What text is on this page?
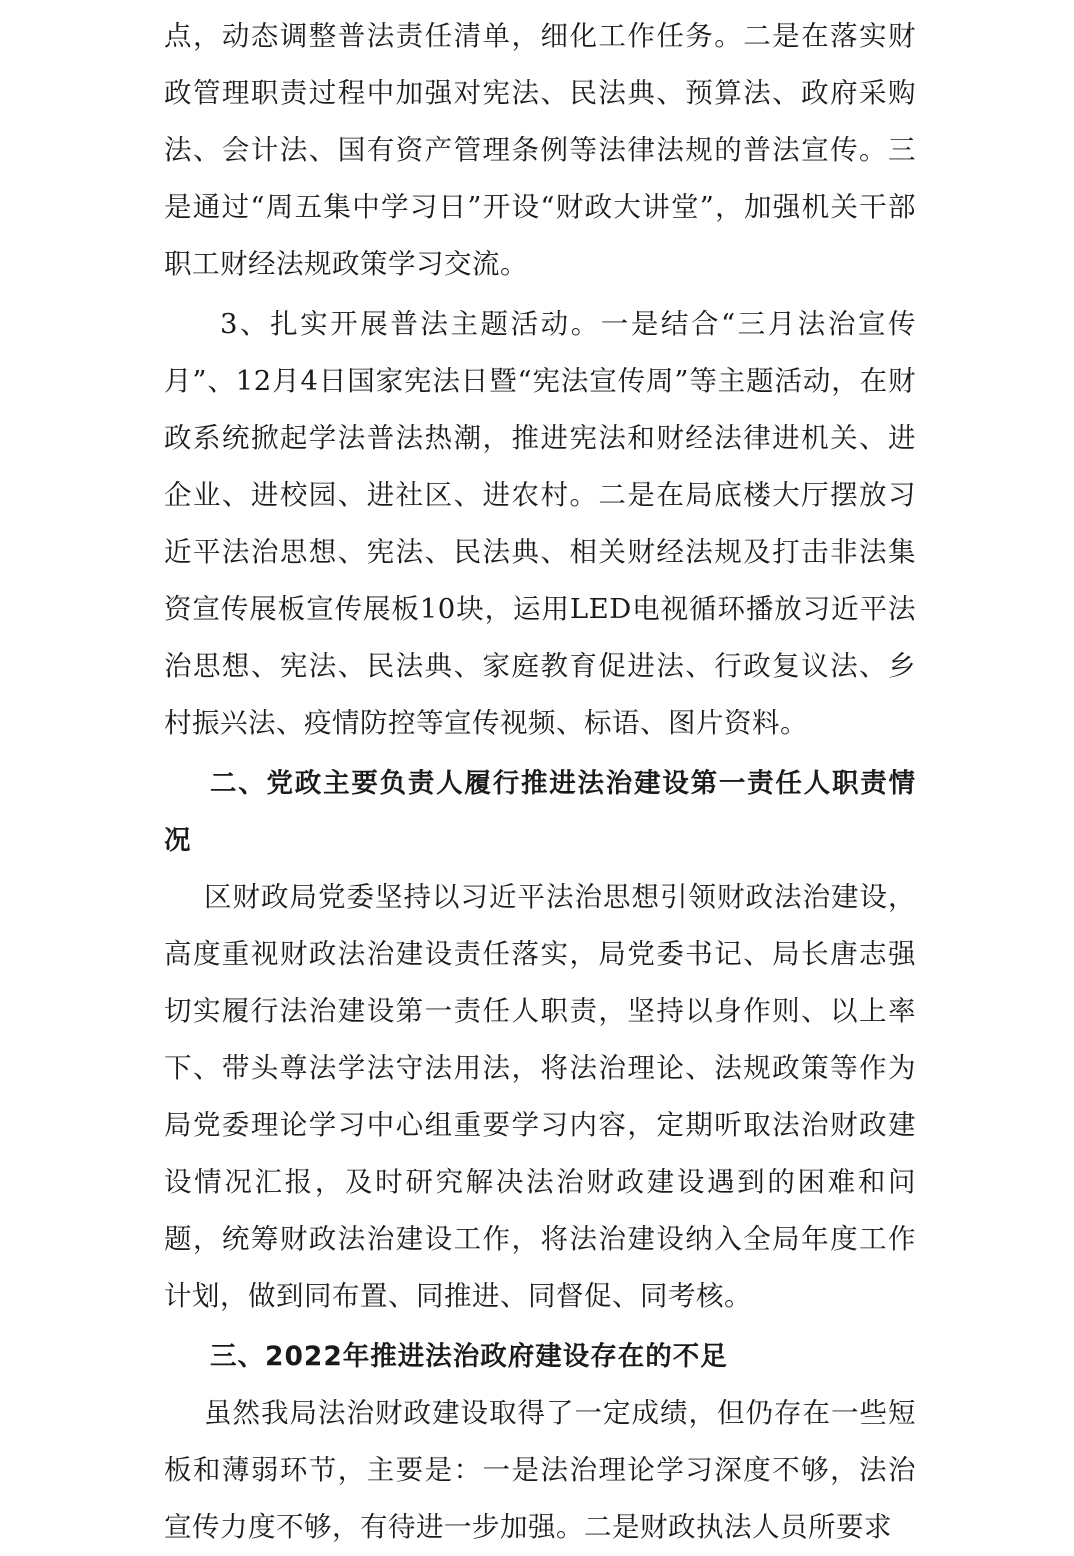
点，动态调整普法责任清单，细化工作任务。二是在落实财政管理职责过程中加强对宪法、民法典、预算法、政府采购法、会计法、国有资产管理条例等法律法规的普法宣传。三是通过“周五集中学习日”开设“财政大讲堂”，加强机关干部职工财经法规政策学习交流。

3、扎实开展普法主题活动。一是结合“三月法治宣传月”、12月4日国家宪法日暨“宪法宣传周”等主题活动，在财政系统掀起学法普法热潮，推进宪法和财经法律进机关、进企业、进校园、进社区、进农村。二是在局底楼大厅摆放习近平法治思想、宪法、民法典、相关财经法规及打击非法集资宣传展板宣传展板10块，运用LED电视循环播放习近平法治思想、宪法、民法典、家庭教育促进法、行政复议法、乡村振兴法、疫情防控等宣传视频、标语、图片资料。

二、党政主要负责人履行推进法治建设第一责任人职责情况

区财政局党委坚持以习近平法治思想引领财政法治建设，高度重视财政法治建设责任落实，局党委书记、局长唐志强切实履行法治建设第一责任人职责，坚持以身作则、以上率下、带头尊法学法守法用法，将法治理论、法规政策等作为局党委理论学习中心组重要学习内容，定期听取法治财政建设情况汇报，及时研究解决法治财政建设遇到的困难和问题，统筹财政法治建设工作，将法治建设纳入全局年度工作计划，做到同布置、同推进、同督促、同考核。

三、2022年推进法治政府建设存在的不足

虽然我局法治财政建设取得了一定成绩，但仍存在一些短板和薄弱环节，主要是：一是法治理论学习深度不够，法治宣传力度不够，有待进一步加强。二是财政执法人员所要求
